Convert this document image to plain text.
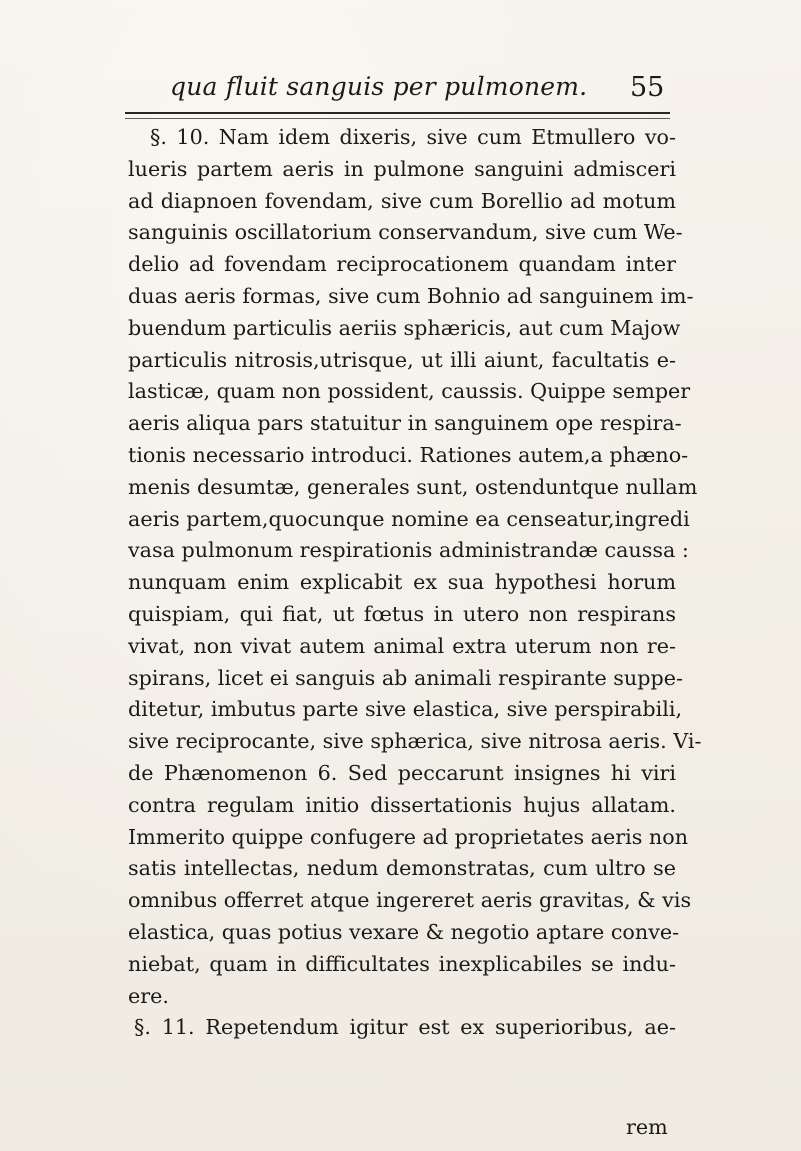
qua fluit sanguis per pulmonem.	55
§. 10. Nam idem dixeris, sive cum Etmullero vo-
lueris partem aeris in pulmone sanguini admisceri
ad diapnoen fovendam, sive cum Borellio ad motum
sanguinis oscillatorium conservandum, sive cum We-
delio ad fovendam reciprocationem quandam inter
duas aeris formas, sive cum Bohnio ad sanguinem im-
buendum particulis aeriis sphæricis, aut cum Majow
particulis nitrosis,utrisque, ut illi aiunt, facultatis e-
lasticæ, quam non possident, caussis. Quippe semper
aeris aliqua pars statuitur in sanguinem ope respira-
tionis necessario introduci. Rationes autem,a phæno-
menis desumtæ, generales sunt, ostenduntque nullam
aeris partem,quocunque nomine ea censeatur,ingredi
vasa pulmonum respirationis administrandæ caussa :
nunquam enim explicabit ex sua hypothesi horum
quispiam, qui fiat, ut fœtus in utero non respirans
vivat, non vivat autem animal extra uterum non re-
spirans, licet ei sanguis ab animali respirante suppe-
ditetur, imbutus parte sive elastica, sive perspirabili,
sive reciprocante, sive sphærica, sive nitrosa aeris. Vi-
de Phænomenon 6. Sed peccarunt insignes hi viri
contra regulam initio dissertationis hujus allatam.
Immerito quippe confugere ad proprietates aeris non
satis intellectas, nedum demonstratas, cum ultro se
omnibus offerret atque ingereret aeris gravitas, & vis
elastica, quas potius vexare & negotio aptare conve-
niebat, quam in difficultates inexplicabiles se indu-
ere.
§. 11. Repetendum igitur est ex superioribus, ae-
rem
